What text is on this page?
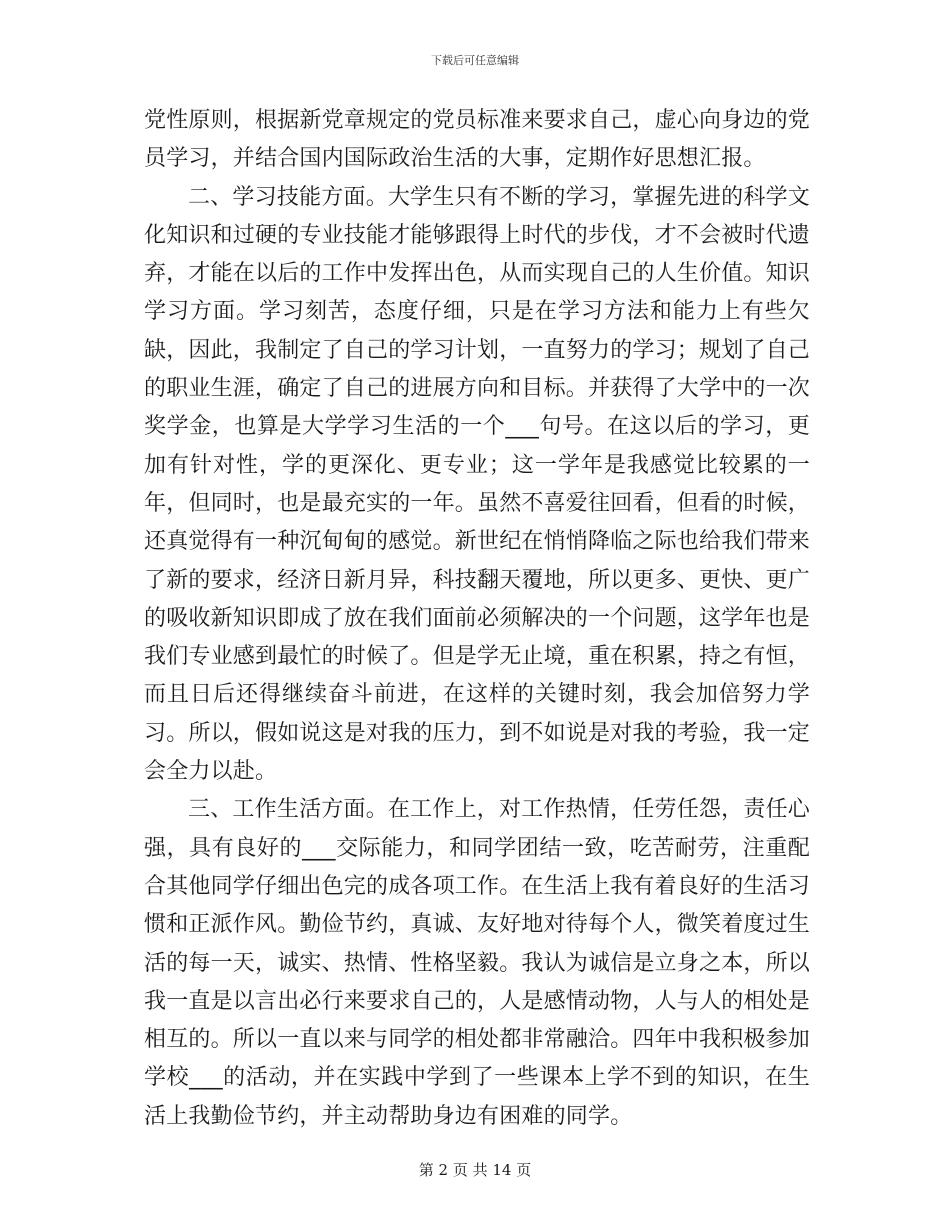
下载后可任意编辑

党性原则，根据新党章规定的党员标准来要求自己，虚心向身边的党员学习，并结合国内国际政治生活的大事，定期作好思想汇报。

二、学习技能方面。大学生只有不断的学习，掌握先进的科学文化知识和过硬的专业技能才能够跟得上时代的步伐，才不会被时代遗弃，才能在以后的工作中发挥出色，从而实现自己的人生价值。知识学习方面。学习刻苦，态度仔细，只是在学习方法和能力上有些欠缺，因此，我制定了自己的学习计划，一直努力的学习；规划了自己的职业生涯，确定了自己的进展方向和目标。并获得了大学中的一次奖学金，也算是大学学习生活的一个___句号。在这以后的学习，更加有针对性，学的更深化、更专业；这一学年是我感觉比较累的一年，但同时，也是最充实的一年。虽然不喜爱往回看，但看的时候，还真觉得有一种沉甸甸的感觉。新世纪在悄悄降临之际也给我们带来了新的要求，经济日新月异，科技翻天覆地，所以更多、更快、更广的吸收新知识即成了放在我们面前必须解决的一个问题，这学年也是我们专业感到最忙的时候了。但是学无止境，重在积累，持之有恒，而且日后还得继续奋斗前进，在这样的关键时刻，我会加倍努力学习。所以，假如说这是对我的压力，到不如说是对我的考验，我一定会全力以赴。

三、工作生活方面。在工作上，对工作热情，任劳任怨，责任心强，具有良好的___交际能力，和同学团结一致，吃苦耐劳，注重配合其他同学仔细出色完的成各项工作。在生活上我有着良好的生活习惯和正派作风。勤俭节约，真诚、友好地对待每个人，微笑着度过生活的每一天，诚实、热情、性格坚毅。我认为诚信是立身之本，所以我一直是以言出必行来要求自己的，人是感情动物，人与人的相处是相互的。所以一直以来与同学的相处都非常融洽。四年中我积极参加学校___的活动，并在实践中学到了一些课本上学不到的知识，在生活上我勤俭节约，并主动帮助身边有困难的同学。

第 2 页 共 14 页
